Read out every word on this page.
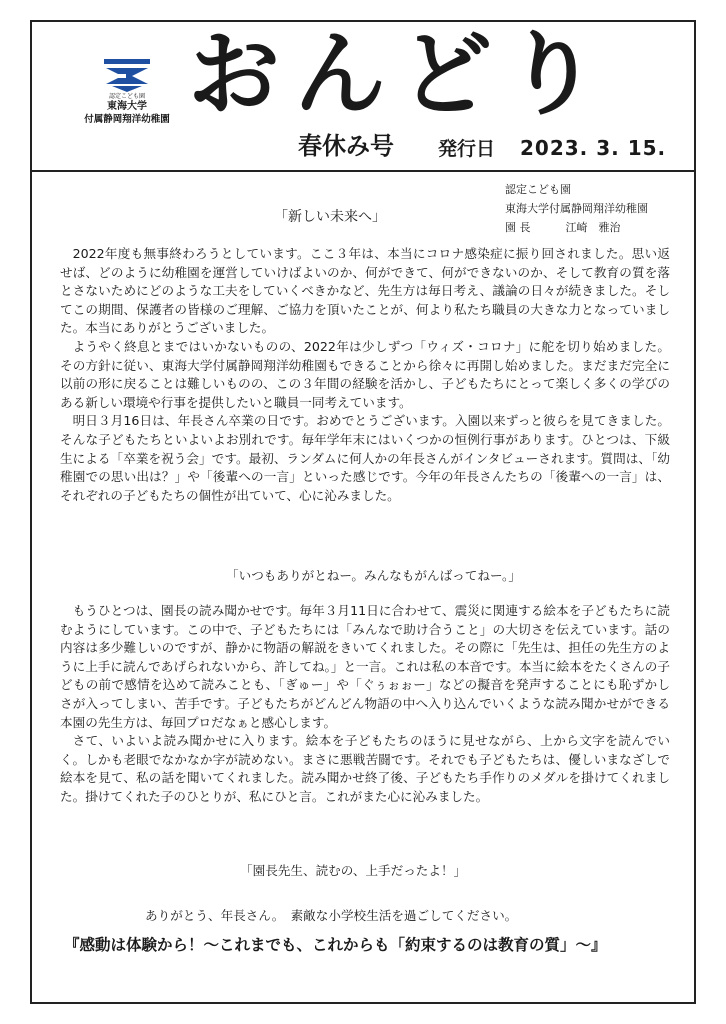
認定こども園
東海大学
付属静岡翔洋幼稚園 おんどり
春休み号 発行日 2023. 3. 15.
認定こども園
東海大学付属静岡翔洋幼稚園
園 長	江崎　雅治
「新しい未来へ」

2022年度も無事終わろうとしています。ここ３年は、本当にコロナ感染症に振り回されました。思い返せば、どのように幼稚園を運営していけばよいのか、何ができて、何ができないのか、そして教育の質を落とさないためにどのような工夫をしていくべきかなど、先生方は毎日考え、議論の日々が続きました。そしてこの期間、保護者の皆様のご理解、ご協力を頂いたことが、何より私たち職員の大きな力となっていました。本当にありがとうございました。

ようやく終息とまではいかないものの、2022年は少しずつ「ウィズ・コロナ」に舵を切り始めました。その方針に従い、東海大学付属静岡翔洋幼稚園もできることから徐々に再開し始めました。まだまだ完全に以前の形に戻ることは難しいものの、この３年間の経験を活かし、子どもたちにとって楽しく多くの学びのある新しい環境や行事を提供したいと職員一同考えています。

明日３月16日は、年長さん卒業の日です。おめでとうございます。入園以来ずっと彼らを見てきました。そんな子どもたちといよいよお別れです。毎年学年末にはいくつかの恒例行事があります。ひとつは、下級生による「卒業を祝う会」です。最初、ランダムに何人かの年長さんがインタビューされます。質問は、「幼稚園での思い出は？」や「後輩への一言」といった感じです。今年の年長さんたちの「後輩への一言」は、それぞれの子どもたちの個性が出ていて、心に沁みました。

「いつもありがとねー。みんなもがんばってねー。」

もうひとつは、園長の読み聞かせです。毎年３月11日に合わせて、震災に関連する絵本を子どもたちに読むようにしています。この中で、子どもたちには「みんなで助け合うこと」の大切さを伝えています。話の内容は多少難しいのですが、静かに物語の解説をきいてくれました。その際に「先生は、担任の先生方のように上手に読んであげられないから、許してね。」と一言。これは私の本音です。本当に絵本をたくさんの子どもの前で感情を込めて読みことも、「ぎゅー」や「ぐぅぉぉー」などの擬音を発声することにも恥ずかしさが入ってしまい、苦手です。子どもたちがどんどん物語の中へ入り込んでいくような読み聞かせができる本園の先生方は、毎回プロだなぁと感心します。

さて、いよいよ読み聞かせに入ります。絵本を子どもたちのほうに見せながら、上から文字を読んでいく。しかも老眼でなかなか字が読めない。まさに悪戦苦闘です。それでも子どもたちは、優しいまなざしで絵本を見て、私の話を聞いてくれました。読み聞かせ終了後、子どもたち手作りのメダルを掛けてくれました。掛けてくれた子のひとりが、私にひと言。これがまた心に沁みました。

「園長先生、読むの、上手だったよ！」
ありがとう、年長さん。　素敵な小学校生活を過ごしてください。
『感動は体験から！～これまでも、これからも「約束するのは教育の質」～』
